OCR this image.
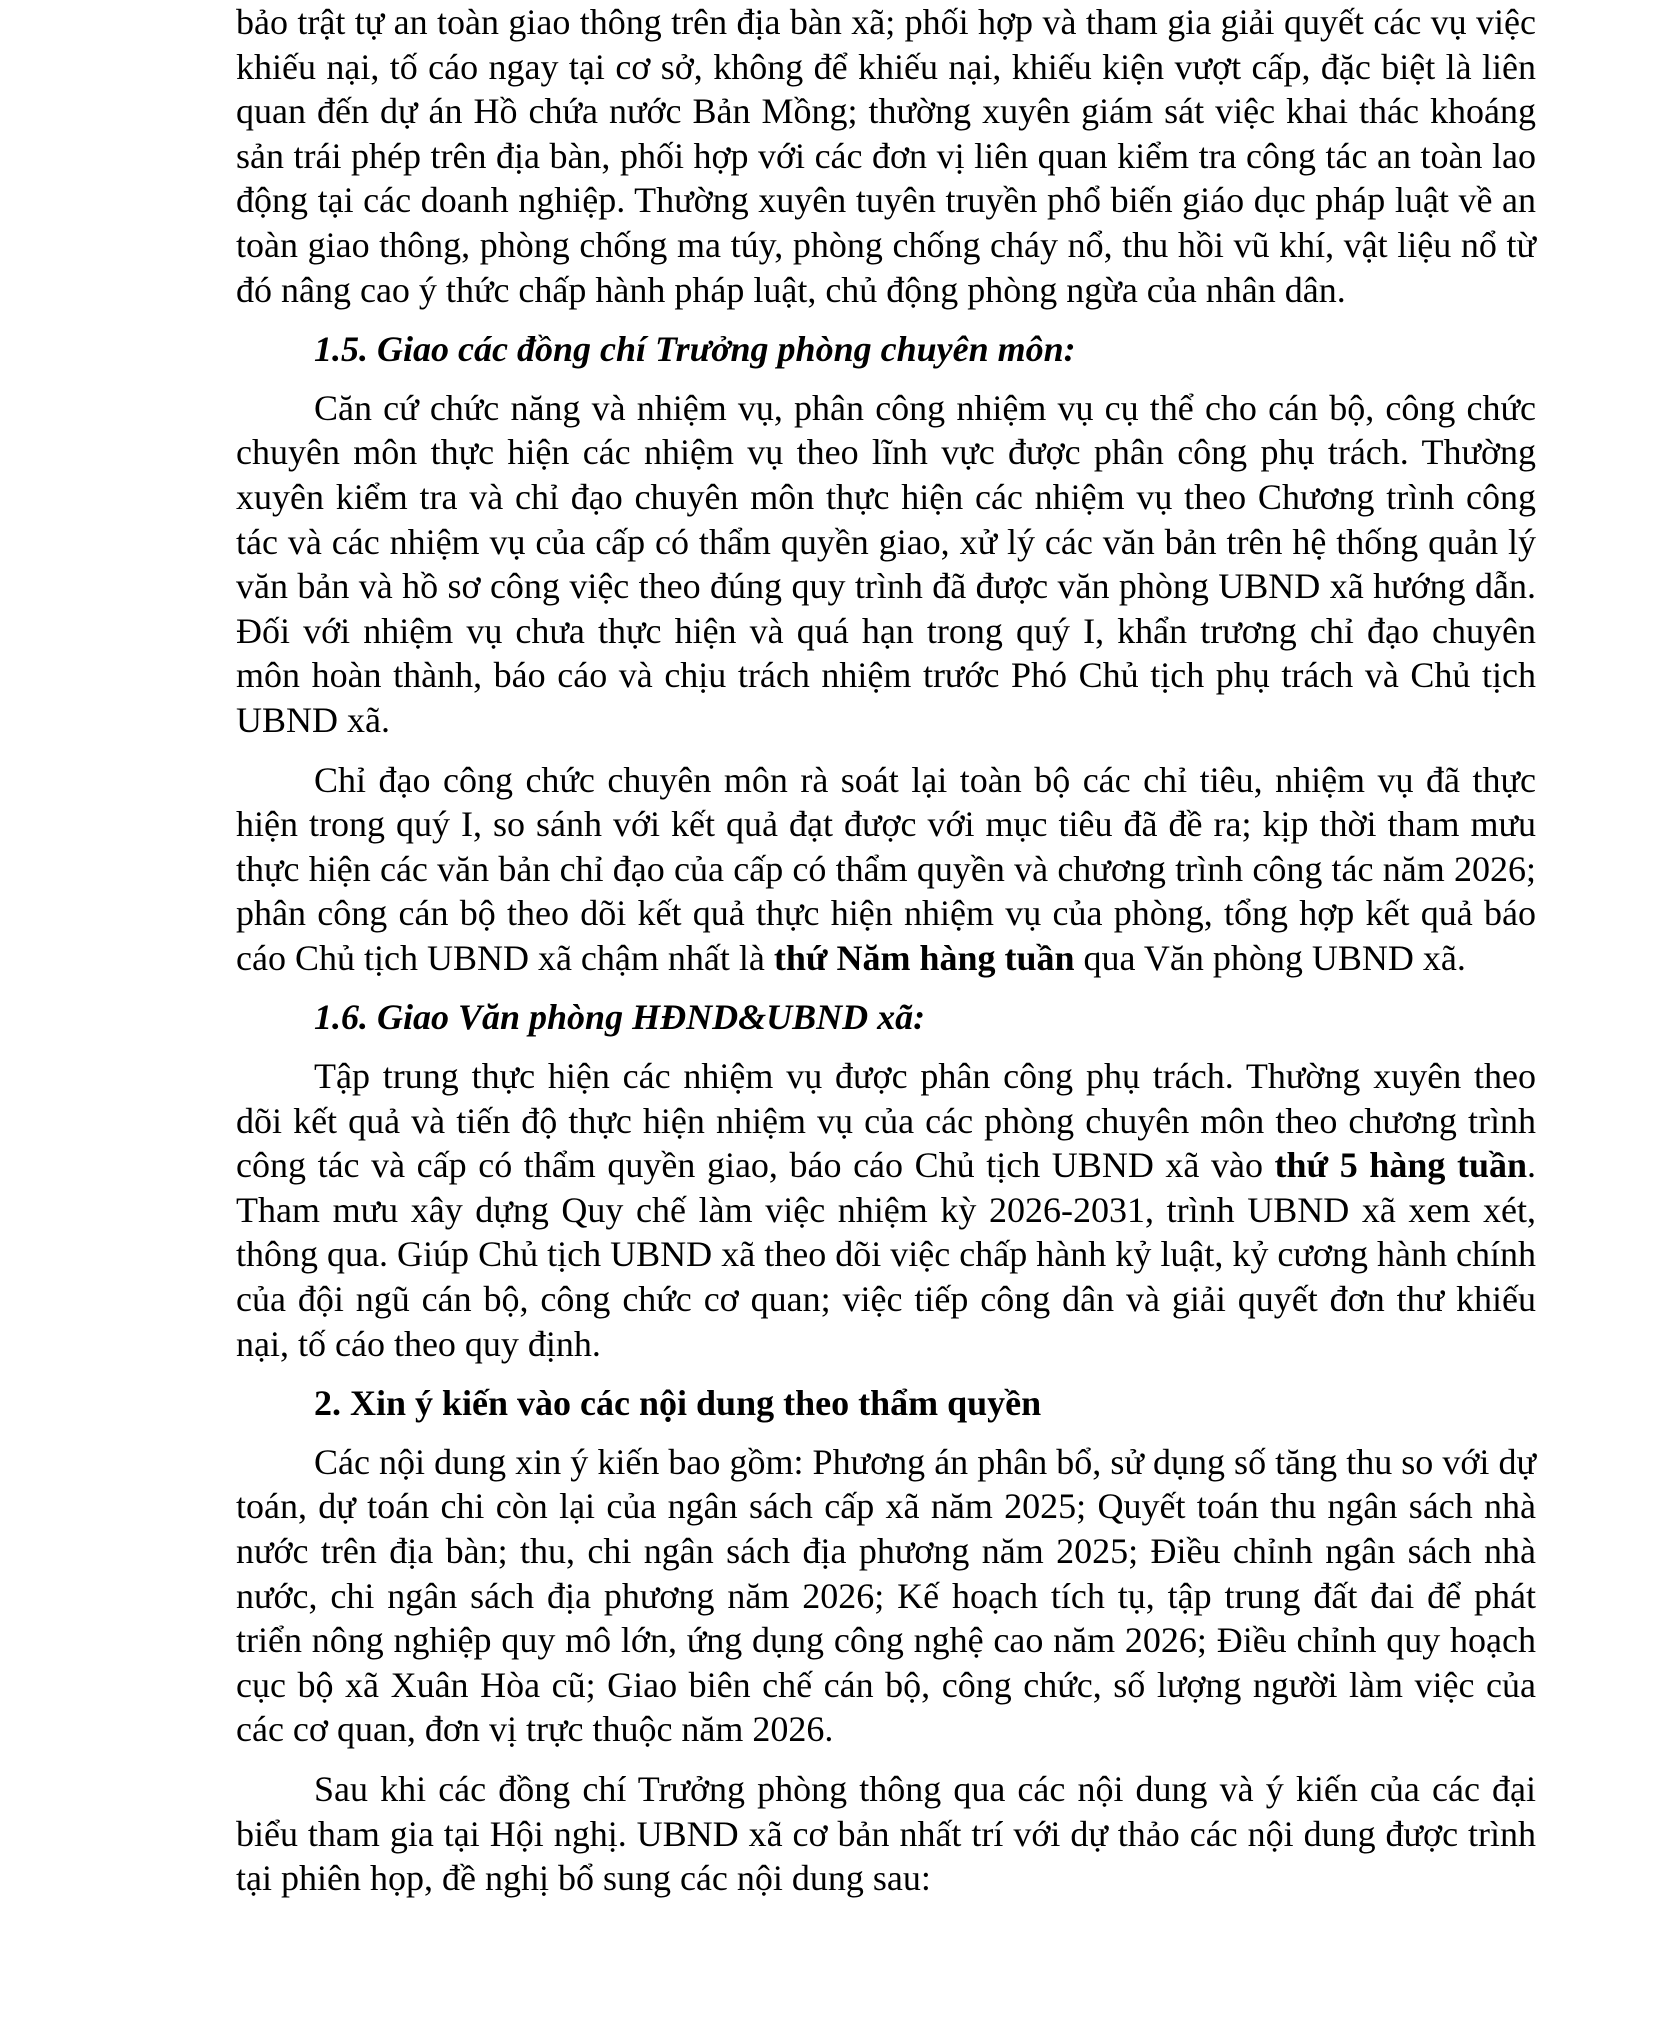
bảo trật tự an toàn giao thông trên địa bàn xã; phối hợp và tham gia giải quyết các vụ việc khiếu nại, tố cáo ngay tại cơ sở, không để khiếu nại, khiếu kiện vượt cấp, đặc biệt là liên quan đến dự án Hồ chứa nước Bản Mồng; thường xuyên giám sát việc khai thác khoáng sản trái phép trên địa bàn, phối hợp với các đơn vị liên quan kiểm tra công tác an toàn lao động tại các doanh nghiệp. Thường xuyên tuyên truyền phổ biến giáo dục pháp luật về an toàn giao thông, phòng chống ma túy, phòng chống cháy nổ, thu hồi vũ khí, vật liệu nổ từ đó nâng cao ý thức chấp hành pháp luật, chủ động phòng ngừa của nhân dân.

1.5. Giao các đồng chí Trưởng phòng chuyên môn:

Căn cứ chức năng và nhiệm vụ, phân công nhiệm vụ cụ thể cho cán bộ, công chức chuyên môn thực hiện các nhiệm vụ theo lĩnh vực được phân công phụ trách. Thường xuyên kiểm tra và chỉ đạo chuyên môn thực hiện các nhiệm vụ theo Chương trình công tác và các nhiệm vụ của cấp có thẩm quyền giao, xử lý các văn bản trên hệ thống quản lý văn bản và hồ sơ công việc theo đúng quy trình đã được văn phòng UBND xã hướng dẫn. Đối với nhiệm vụ chưa thực hiện và quá hạn trong quý I, khẩn trương chỉ đạo chuyên môn hoàn thành, báo cáo và chịu trách nhiệm trước Phó Chủ tịch phụ trách và Chủ tịch UBND xã.

Chỉ đạo công chức chuyên môn rà soát lại toàn bộ các chỉ tiêu, nhiệm vụ đã thực hiện trong quý I, so sánh với kết quả đạt được với mục tiêu đã đề ra; kịp thời tham mưu thực hiện các văn bản chỉ đạo của cấp có thẩm quyền và chương trình công tác năm 2026; phân công cán bộ theo dõi kết quả thực hiện nhiệm vụ của phòng, tổng hợp kết quả báo cáo Chủ tịch UBND xã chậm nhất là thứ Năm hàng tuần qua Văn phòng UBND xã.

1.6. Giao Văn phòng HĐND&UBND xã:

Tập trung thực hiện các nhiệm vụ được phân công phụ trách. Thường xuyên theo dõi kết quả và tiến độ thực hiện nhiệm vụ của các phòng chuyên môn theo chương trình công tác và cấp có thẩm quyền giao, báo cáo Chủ tịch UBND xã vào thứ 5 hàng tuần. Tham mưu xây dựng Quy chế làm việc nhiệm kỳ 2026-2031, trình UBND xã xem xét, thông qua. Giúp Chủ tịch UBND xã theo dõi việc chấp hành kỷ luật, kỷ cương hành chính của đội ngũ cán bộ, công chức cơ quan; việc tiếp công dân và giải quyết đơn thư khiếu nại, tố cáo theo quy định.

2. Xin ý kiến vào các nội dung theo thẩm quyền

Các nội dung xin ý kiến bao gồm: Phương án phân bổ, sử dụng số tăng thu so với dự toán, dự toán chi còn lại của ngân sách cấp xã năm 2025; Quyết toán thu ngân sách nhà nước trên địa bàn; thu, chi ngân sách địa phương năm 2025; Điều chỉnh ngân sách nhà nước, chi ngân sách địa phương năm 2026; Kế hoạch tích tụ, tập trung đất đai để phát triển nông nghiệp quy mô lớn, ứng dụng công nghệ cao năm 2026; Điều chỉnh quy hoạch cục bộ xã Xuân Hòa cũ; Giao biên chế cán bộ, công chức, số lượng người làm việc của các cơ quan, đơn vị trực thuộc năm 2026.

Sau khi các đồng chí Trưởng phòng thông qua các nội dung và ý kiến của các đại biểu tham gia tại Hội nghị. UBND xã cơ bản nhất trí với dự thảo các nội dung được trình tại phiên họp, đề nghị bổ sung các nội dung sau:
